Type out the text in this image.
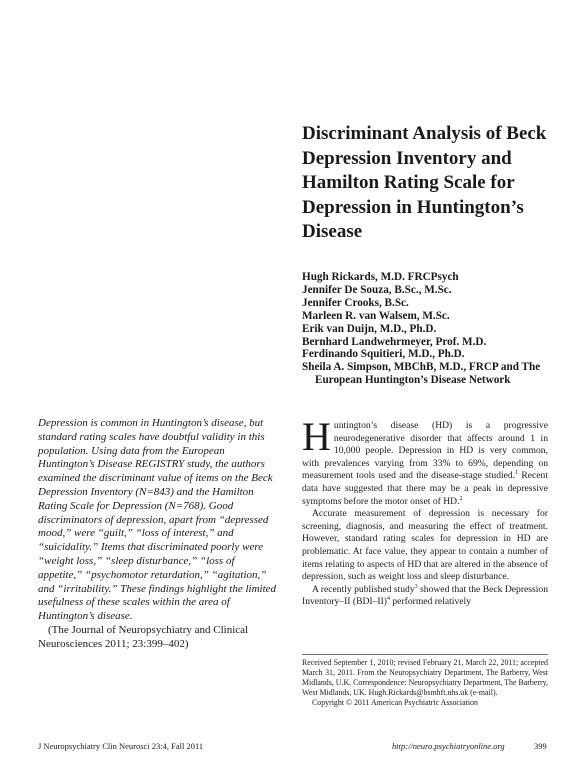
Discriminant Analysis of Beck Depression Inventory and Hamilton Rating Scale for Depression in Huntington’s Disease
Hugh Rickards, M.D. FRCPsych
Jennifer De Souza, B.Sc., M.Sc.
Jennifer Crooks, B.Sc.
Marleen R. van Walsem, M.Sc.
Erik van Duijn, M.D., Ph.D.
Bernhard Landwehrmeyer, Prof. M.D.
Ferdinando Squitieri, M.D., Ph.D.
Sheila A. Simpson, MBChB, M.D., FRCP and The European Huntington’s Disease Network

Depression is common in Huntington’s disease, but standard rating scales have doubtful validity in this population. Using data from the European Huntington’s Disease REGISTRY study, the authors examined the discriminant value of items on the Beck Depression Inventory (N=843) and the Hamilton Rating Scale for Depression (N=768). Good discriminators of depression, apart from “depressed mood,” were “guilt,” “loss of interest,” and “suicidality.” Items that discriminated poorly were “weight loss,” “sleep disturbance,” “loss of appetite,” “psychomotor retardation,” “agitation,” and “irritability.” These findings highlight the limited usefulness of these scales within the area of Huntington’s disease.

(The Journal of Neuropsychiatry and Clinical Neurosciences 2011; 23:399–402)

Huntington’s disease (HD) is a progressive neurodegenerative disorder that affects around 1 in 10,000 people. Depression in HD is very common, with prevalences varying from 33% to 69%, depending on measurement tools used and the disease-stage studied.$^1$ Recent data have suggested that there may be a peak in depressive symptoms before the motor onset of HD.$^2$

Accurate measurement of depression is necessary for screening, diagnosis, and measuring the effect of treatment. However, standard rating scales for depression in HD are problematic. At face value, they appear to contain a number of items relating to aspects of HD that are altered in the absence of depression, such as weight loss and sleep disturbance.

A recently published study$^3$ showed that the Beck Depression Inventory–II $(BDI-II)^4$ performed relatively

Received September 1, 2010; revised February 21, March 22, 2011; accepted March 31, 2011. From the Neuropsychiatry Department, The Barberry, West Midlands, U.K. Correspondence: Neuropsychiatry Department, The Barberry, West Midlands, UK. Hugh.Rickards@bsmhft.nhs.uk (e-mail).

Copyright © 2011 American Psychiatric Association

J Neuropsychiatry Clin Neurosci 23:4, Fall 2011	http://neuro.psychiatryonline.org	399
